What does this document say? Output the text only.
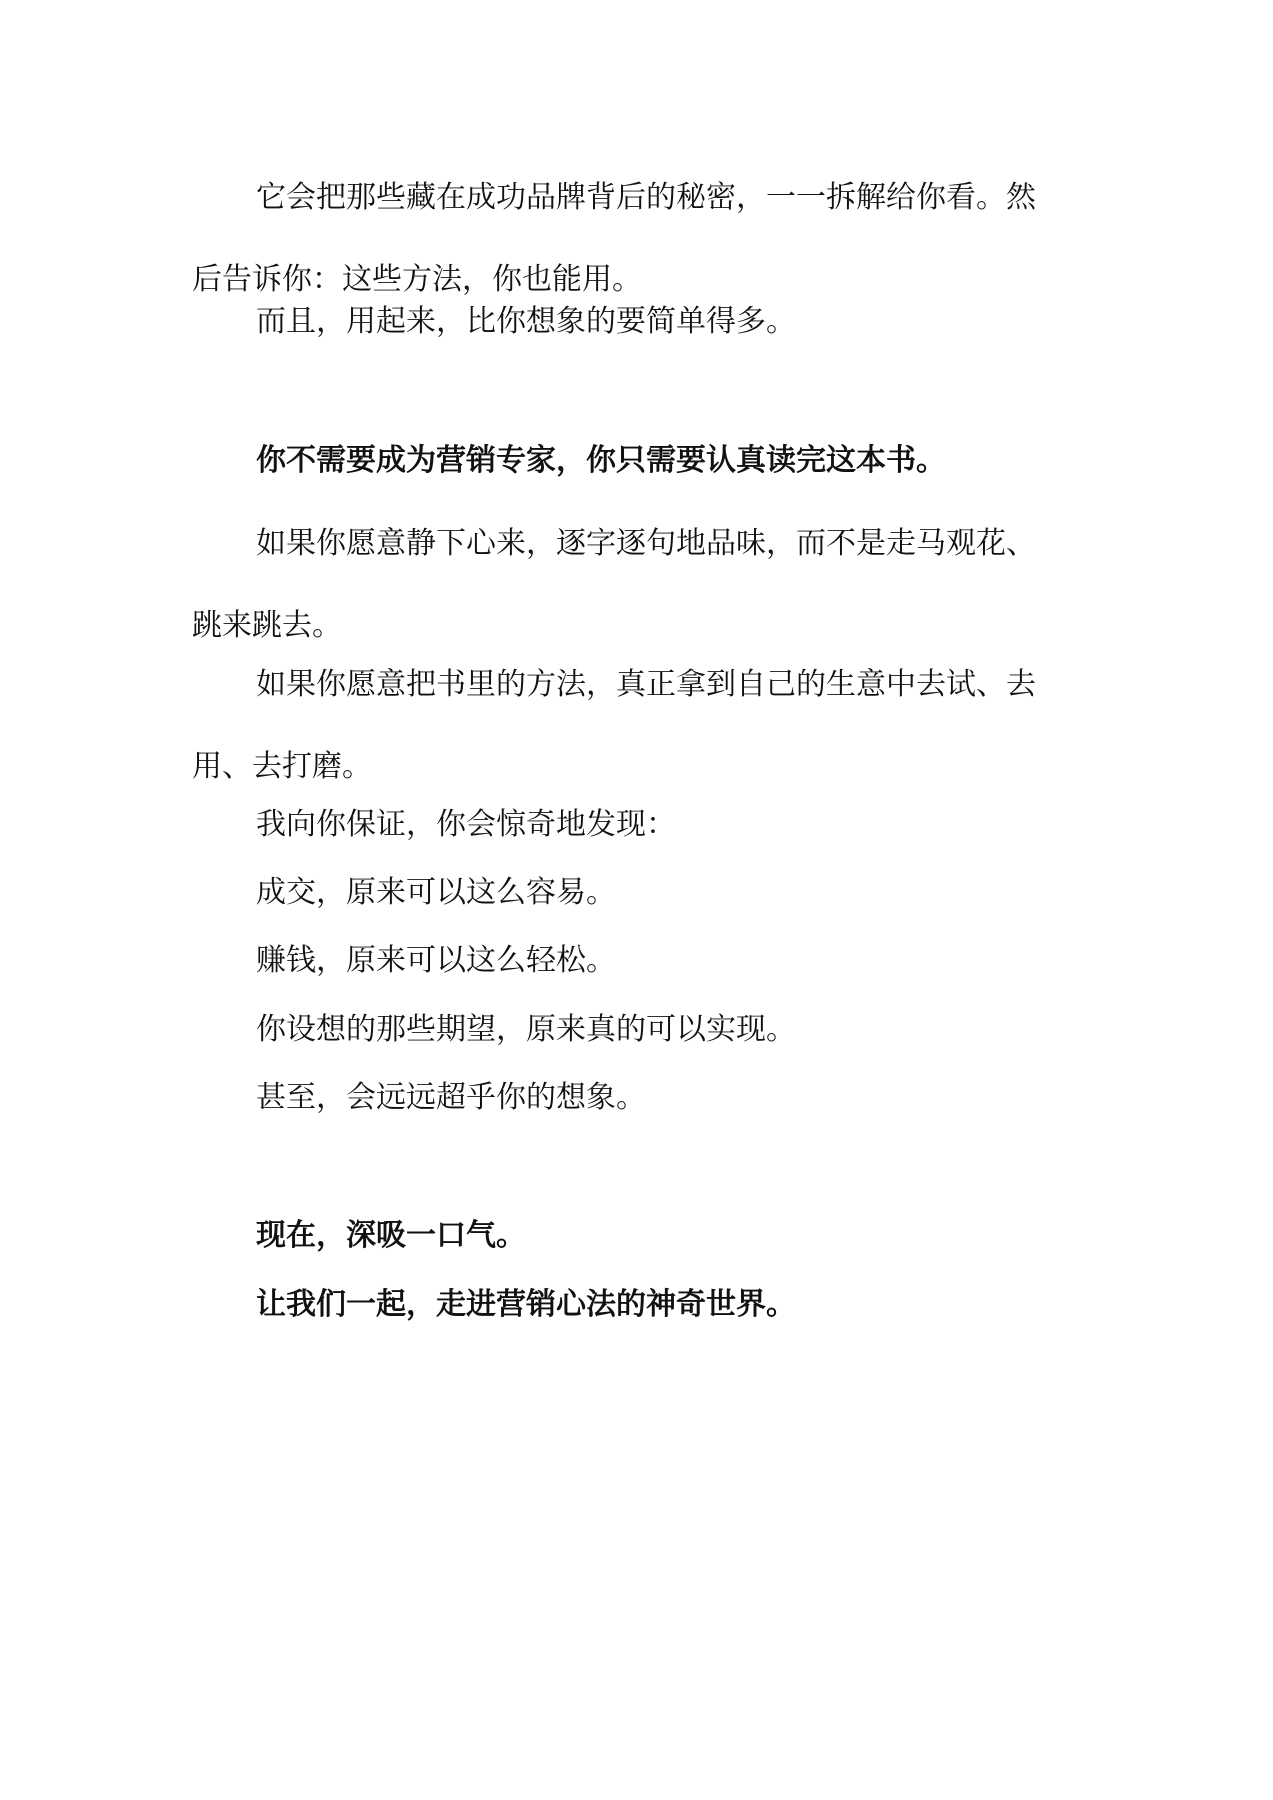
它会把那些藏在成功品牌背后的秘密，一一拆解给你看。然
后告诉你：这些方法，你也能用。

而且，用起来，比你想象的要简单得多。

你不需要成为营销专家，你只需要认真读完这本书。

如果你愿意静下心来，逐字逐句地品味，而不是走马观花、
跳来跳去。

如果你愿意把书里的方法，真正拿到自己的生意中去试、去
用、去打磨。

我向你保证，你会惊奇地发现：

成交，原来可以这么容易。

赚钱，原来可以这么轻松。

你设想的那些期望，原来真的可以实现。

甚至，会远远超乎你的想象。

现在，深吸一口气。

让我们一起，走进营销心法的神奇世界。
